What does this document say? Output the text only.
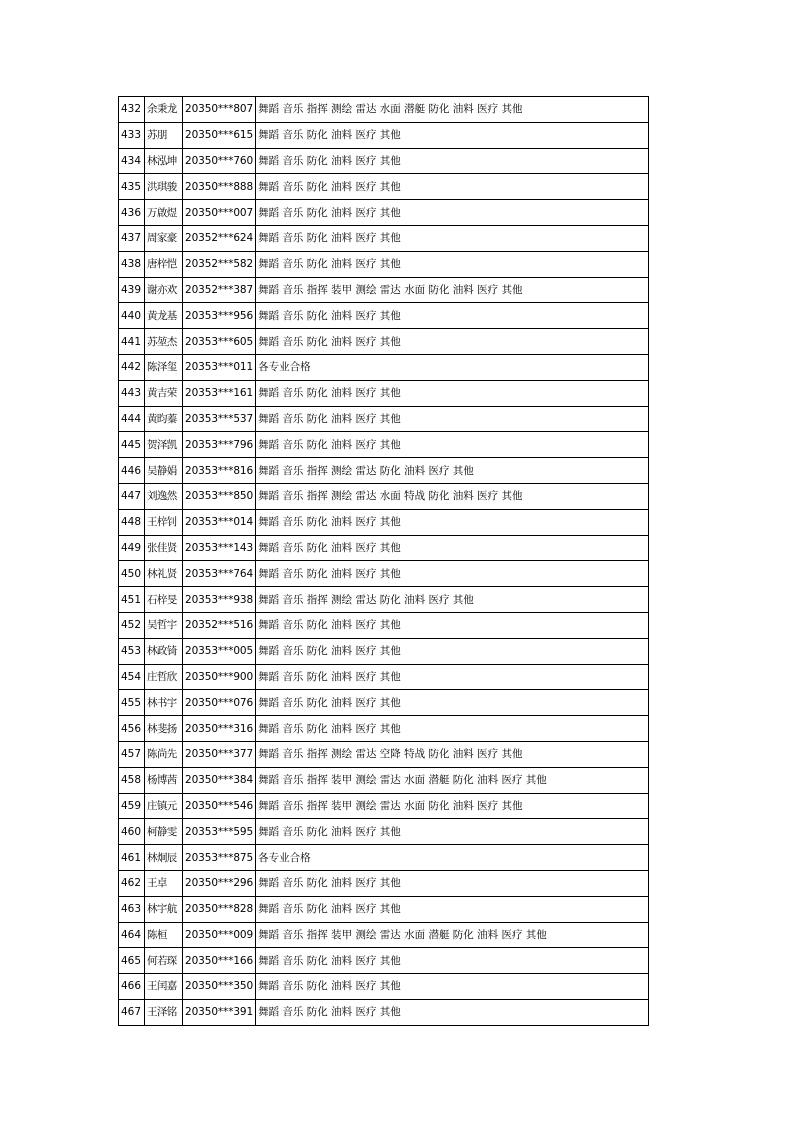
432	余秉龙	20350***807	舞蹈 音乐 指挥 测绘 雷达 水面 潜艇 防化 油料 医疗 其他
433	苏朋	20350***615	舞蹈 音乐 防化 油料 医疗 其他
434	林泓坤	20350***760	舞蹈 音乐 防化 油料 医疗 其他
435	洪琪骏	20350***888	舞蹈 音乐 防化 油料 医疗 其他
436	万啟煜	20350***007	舞蹈 音乐 防化 油料 医疗 其他
437	周家豪	20352***624	舞蹈 音乐 防化 油料 医疗 其他
438	唐梓恺	20352***582	舞蹈 音乐 防化 油料 医疗 其他
439	谢亦欢	20352***387	舞蹈 音乐 指挥 装甲 测绘 雷达 水面 防化 油料 医疗 其他
440	黄龙基	20353***956	舞蹈 音乐 防化 油料 医疗 其他
441	苏堃杰	20353***605	舞蹈 音乐 防化 油料 医疗 其他
442	陈泽玺	20353***011	各专业合格
443	黄吉荣	20353***161	舞蹈 音乐 防化 油料 医疗 其他
444	黄昀蓁	20353***537	舞蹈 音乐 防化 油料 医疗 其他
445	贺泽凯	20353***796	舞蹈 音乐 防化 油料 医疗 其他
446	吴静娟	20353***816	舞蹈 音乐 指挥 测绘 雷达 防化 油料 医疗 其他
447	刘逸然	20353***850	舞蹈 音乐 指挥 测绘 雷达 水面 特战 防化 油料 医疗 其他
448	王梓钊	20353***014	舞蹈 音乐 防化 油料 医疗 其他
449	张佳贤	20353***143	舞蹈 音乐 防化 油料 医疗 其他
450	林礼贤	20353***764	舞蹈 音乐 防化 油料 医疗 其他
451	石梓旻	20353***938	舞蹈 音乐 指挥 测绘 雷达 防化 油料 医疗 其他
452	吴哲宇	20352***516	舞蹈 音乐 防化 油料 医疗 其他
453	林政锜	20353***005	舞蹈 音乐 防化 油料 医疗 其他
454	庄哲欣	20350***900	舞蹈 音乐 防化 油料 医疗 其他
455	林书宇	20350***076	舞蹈 音乐 防化 油料 医疗 其他
456	林斐扬	20350***316	舞蹈 音乐 防化 油料 医疗 其他
457	陈尚先	20350***377	舞蹈 音乐 指挥 测绘 雷达 空降 特战 防化 油料 医疗 其他
458	杨博茜	20350***384	舞蹈 音乐 指挥 装甲 测绘 雷达 水面 潜艇 防化 油料 医疗 其他
459	庄镇元	20350***546	舞蹈 音乐 指挥 装甲 测绘 雷达 水面 防化 油料 医疗 其他
460	柯静雯	20353***595	舞蹈 音乐 防化 油料 医疗 其他
461	林炯辰	20353***875	各专业合格
462	王卓	20350***296	舞蹈 音乐 防化 油料 医疗 其他
463	林宇航	20350***828	舞蹈 音乐 防化 油料 医疗 其他
464	陈桓	20350***009	舞蹈 音乐 指挥 装甲 测绘 雷达 水面 潜艇 防化 油料 医疗 其他
465	何若琛	20350***166	舞蹈 音乐 防化 油料 医疗 其他
466	王闰嘉	20350***350	舞蹈 音乐 防化 油料 医疗 其他
467	王泽铭	20350***391	舞蹈 音乐 防化 油料 医疗 其他
